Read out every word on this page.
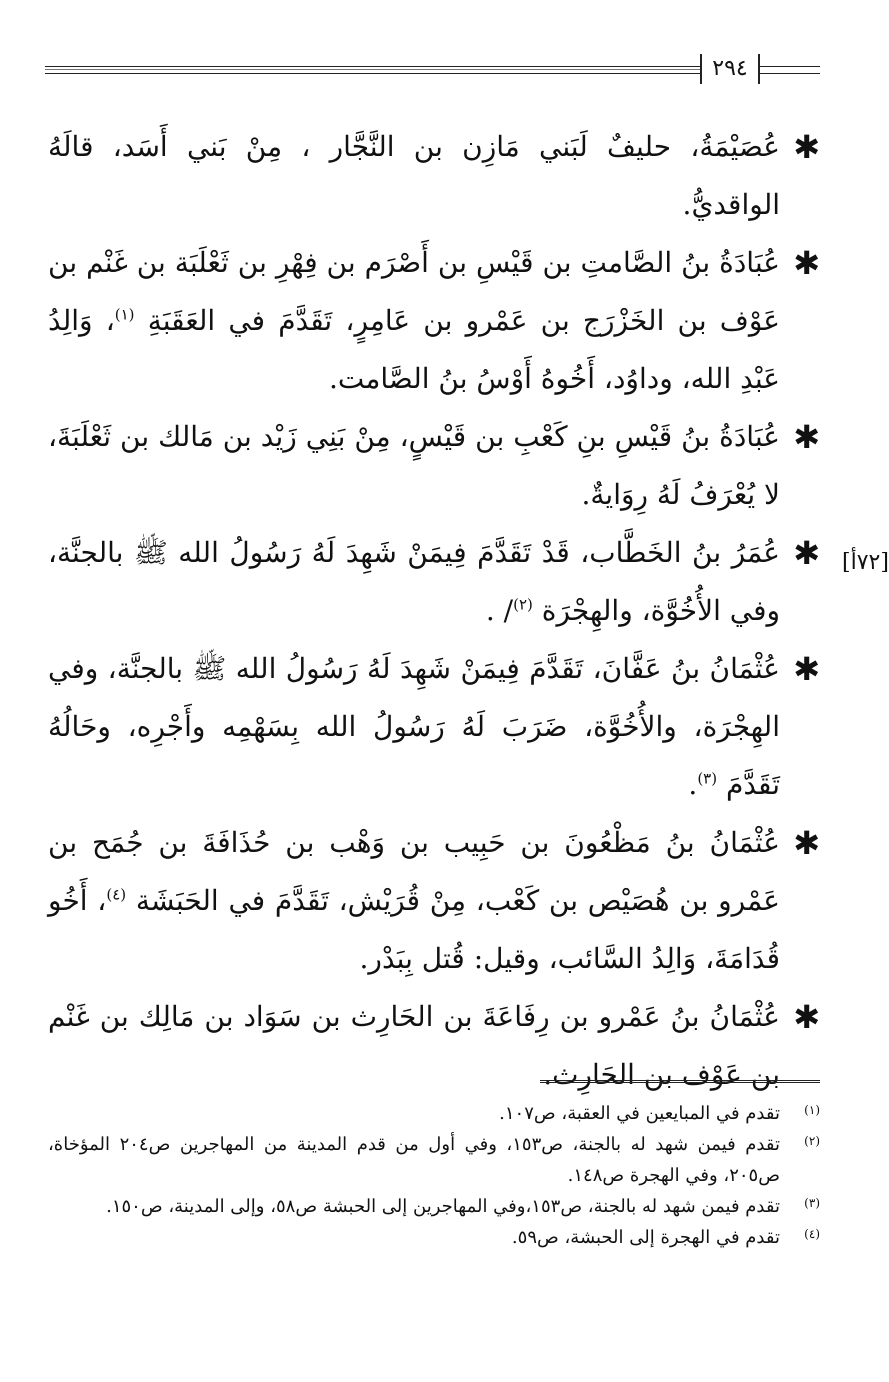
٢٩٤
[٧٢أ]

✱
عُصَيْمَةُ، حليفٌ لَبَني مَازِن بن النَّجَّار ، مِنْ بَني أَسَد، قالَهُ الواقديُّ.

✱
عُبَادَةُ بنُ الصَّامتِ بن قَيْسِ بن أَصْرَم بن فِهْرِ بن ثَعْلَبَة بن غَنْم بن عَوْف بن الخَزْرَج بن عَمْرو بن عَامِرٍ، تَقَدَّمَ في العَقَبَةِ $^{(١)}$، وَالِدُ عَبْدِ الله، وداوُد، أَخُوهُ أَوْسُ بنُ الصَّامت.

✱
عُبَادَةُ بنُ قَيْسِ بنِ كَعْبِ بن قَيْسٍ، مِنْ بَنِي زَيْد بن مَالك بن ثَعْلَبَةَ، لا يُعْرَفُ لَهُ رِوَايةٌ.

✱
عُمَرُ بنُ الخَطَّاب، قَدْ تَقَدَّمَ فِيمَنْ شَهِدَ لَهُ رَسُولُ الله ﷺ بالجنَّة، وفي الأُخُوَّة، والهِجْرَة $^{(٢)}$/ .

✱
عُثْمَانُ بنُ عَفَّانَ، تَقَدَّمَ فِيمَنْ شَهِدَ لَهُ رَسُولُ الله ﷺ بالجنَّة، وفي الهِجْرَة، والأُخُوَّة، ضَرَبَ لَهُ رَسُولُ الله بِسَهْمِه وأَجْرِه، وحَالُهُ تَقَدَّمَ $^{(٣)}$.

✱
عُثْمَانُ بنُ مَظْعُونَ بن حَبِيب بن وَهْب بن حُذَافَةَ بن جُمَح بن عَمْرو بن هُصَيْص بن كَعْب، مِنْ قُرَيْش، تَقَدَّمَ في الحَبَشَة $^{(٤)}$، أَخُو قُدَامَةَ، وَالِدُ السَّائب، وقيل: قُتل بِبَدْر.

✱
عُثْمَانُ بنُ عَمْرو بن رِفَاعَةَ بن الحَارِث بن سَوَاد بن مَالِك بن غَنْم بن عَوْف بن الحَارِث.

(١)
تقدم في المبايعين في العقبة، ص١٠٧.

(٢)
تقدم فيمن شهد له بالجنة، ص١٥٣، وفي أول من قدم المدينة من المهاجرين ص٢٠٤ المؤخاة، ص٢٠٥، وفي الهجرة ص١٤٨.

(٣)
تقدم فيمن شهد له بالجنة، ص١٥٣،وفي المهاجرين إلى الحبشة ص٥٨، وإلى المدينة، ص١٥٠.

(٤)
تقدم في الهجرة إلى الحبشة، ص٥٩.
